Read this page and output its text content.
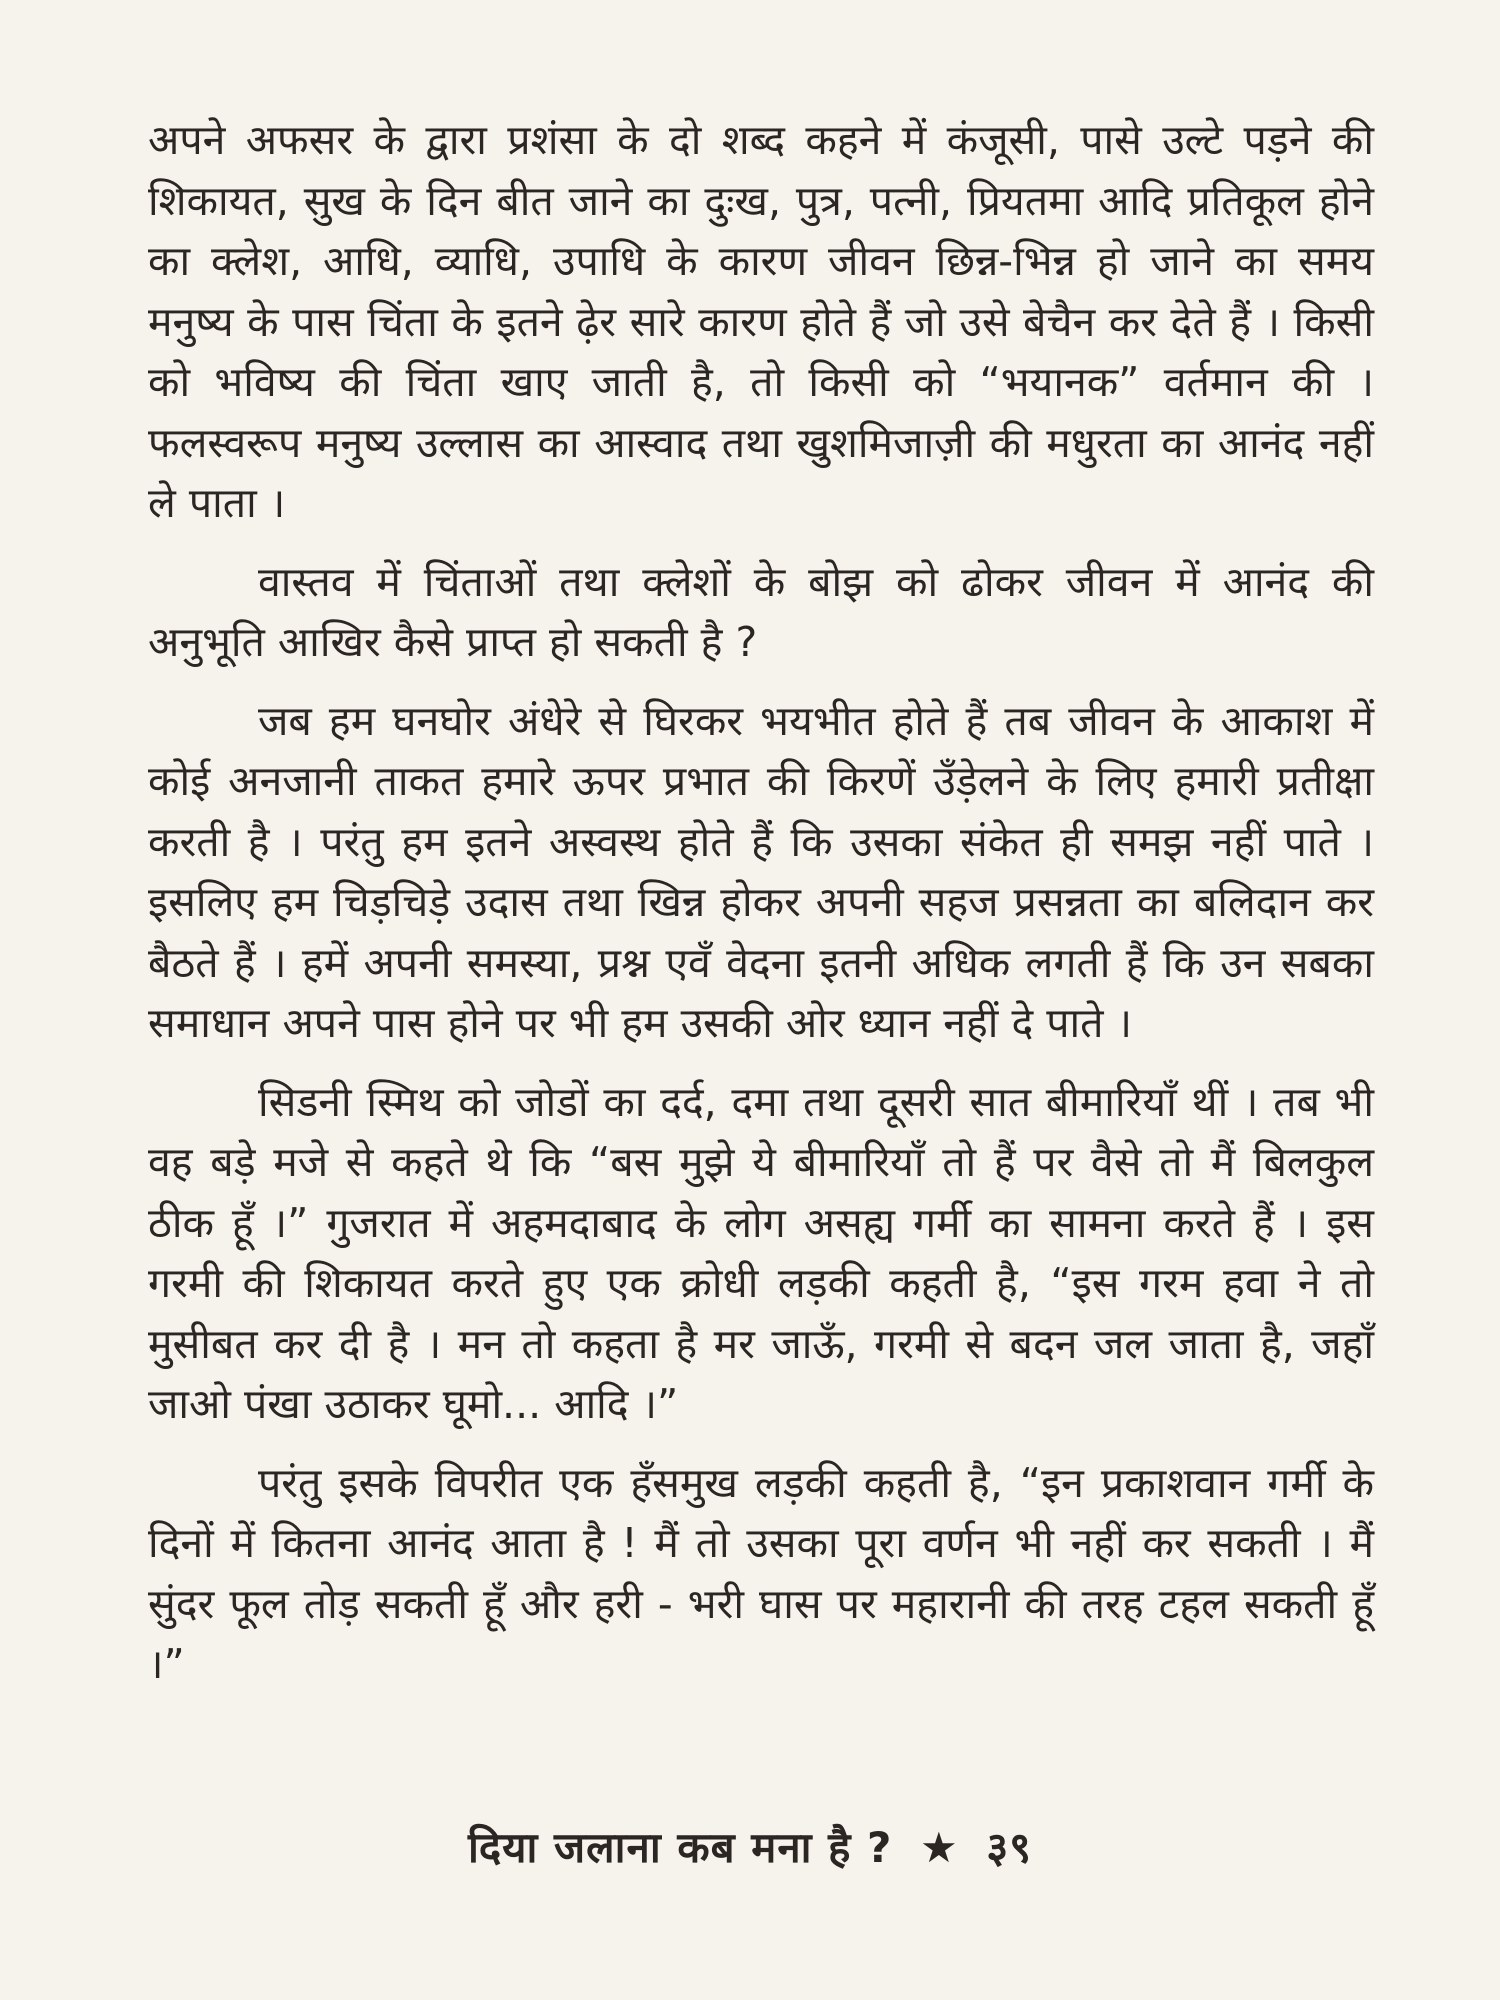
अपने अफसर के द्वारा प्रशंसा के दो शब्द कहने में कंजूसी, पासे उल्टे पड़ने की शिकायत, सुख के दिन बीत जाने का दुःख, पुत्र, पत्नी, प्रियतमा आदि प्रतिकूल होने का क्लेश, आधि, व्याधि, उपाधि के कारण जीवन छिन्न-भिन्न हो जाने का समय मनुष्य के पास चिंता के इतने ढ़ेर सारे कारण होते हैं जो उसे बेचैन कर देते हैं । किसी को भविष्य की चिंता खाए जाती है, तो किसी को “भयानक” वर्तमान की । फलस्वरूप मनुष्य उल्लास का आस्वाद तथा खुशमिजाज़ी की मधुरता का आनंद नहीं ले पाता ।

वास्तव में चिंताओं तथा क्लेशों के बोझ को ढोकर जीवन में आनंद की अनुभूति आखिर कैसे प्राप्त हो सकती है ?

जब हम घनघोर अंधेरे से घिरकर भयभीत होते हैं तब जीवन के आकाश में कोई अनजानी ताकत हमारे ऊपर प्रभात की किरणें उँड़ेलने के लिए हमारी प्रतीक्षा करती है । परंतु हम इतने अस्वस्थ होते हैं कि उसका संकेत ही समझ नहीं पाते । इसलिए हम चिड़चिड़े उदास तथा खिन्न होकर अपनी सहज प्रसन्नता का बलिदान कर बैठते हैं । हमें अपनी समस्या, प्रश्न एवँ वेदना इतनी अधिक लगती हैं कि उन सबका समाधान अपने पास होने पर भी हम उसकी ओर ध्यान नहीं दे पाते ।

सिडनी स्मिथ को जोडों का दर्द, दमा तथा दूसरी सात बीमारियाँ थीं । तब भी वह बड़े मजे से कहते थे कि “बस मुझे ये बीमारियाँ तो हैं पर वैसे तो मैं बिलकुल ठीक हूँ ।” गुजरात में अहमदाबाद के लोग असह्य गर्मी का सामना करते हैं । इस गरमी की शिकायत करते हुए एक क्रोधी लड़की कहती है, “इस गरम हवा ने तो मुसीबत कर दी है । मन तो कहता है मर जाऊँ, गरमी से बदन जल जाता है, जहाँ जाओ पंखा उठाकर घूमो... आदि ।”

परंतु इसके विपरीत एक हँसमुख लड़की कहती है, “इन प्रकाशवान गर्मी के दिनों में कितना आनंद आता है ! मैं तो उसका पूरा वर्णन भी नहीं कर सकती । मैं सुंदर फूल तोड़ सकती हूँ और हरी - भरी घास पर महारानी की तरह टहल सकती हूँ ।”

दिया जलाना कब मना है ? ★ ३९
